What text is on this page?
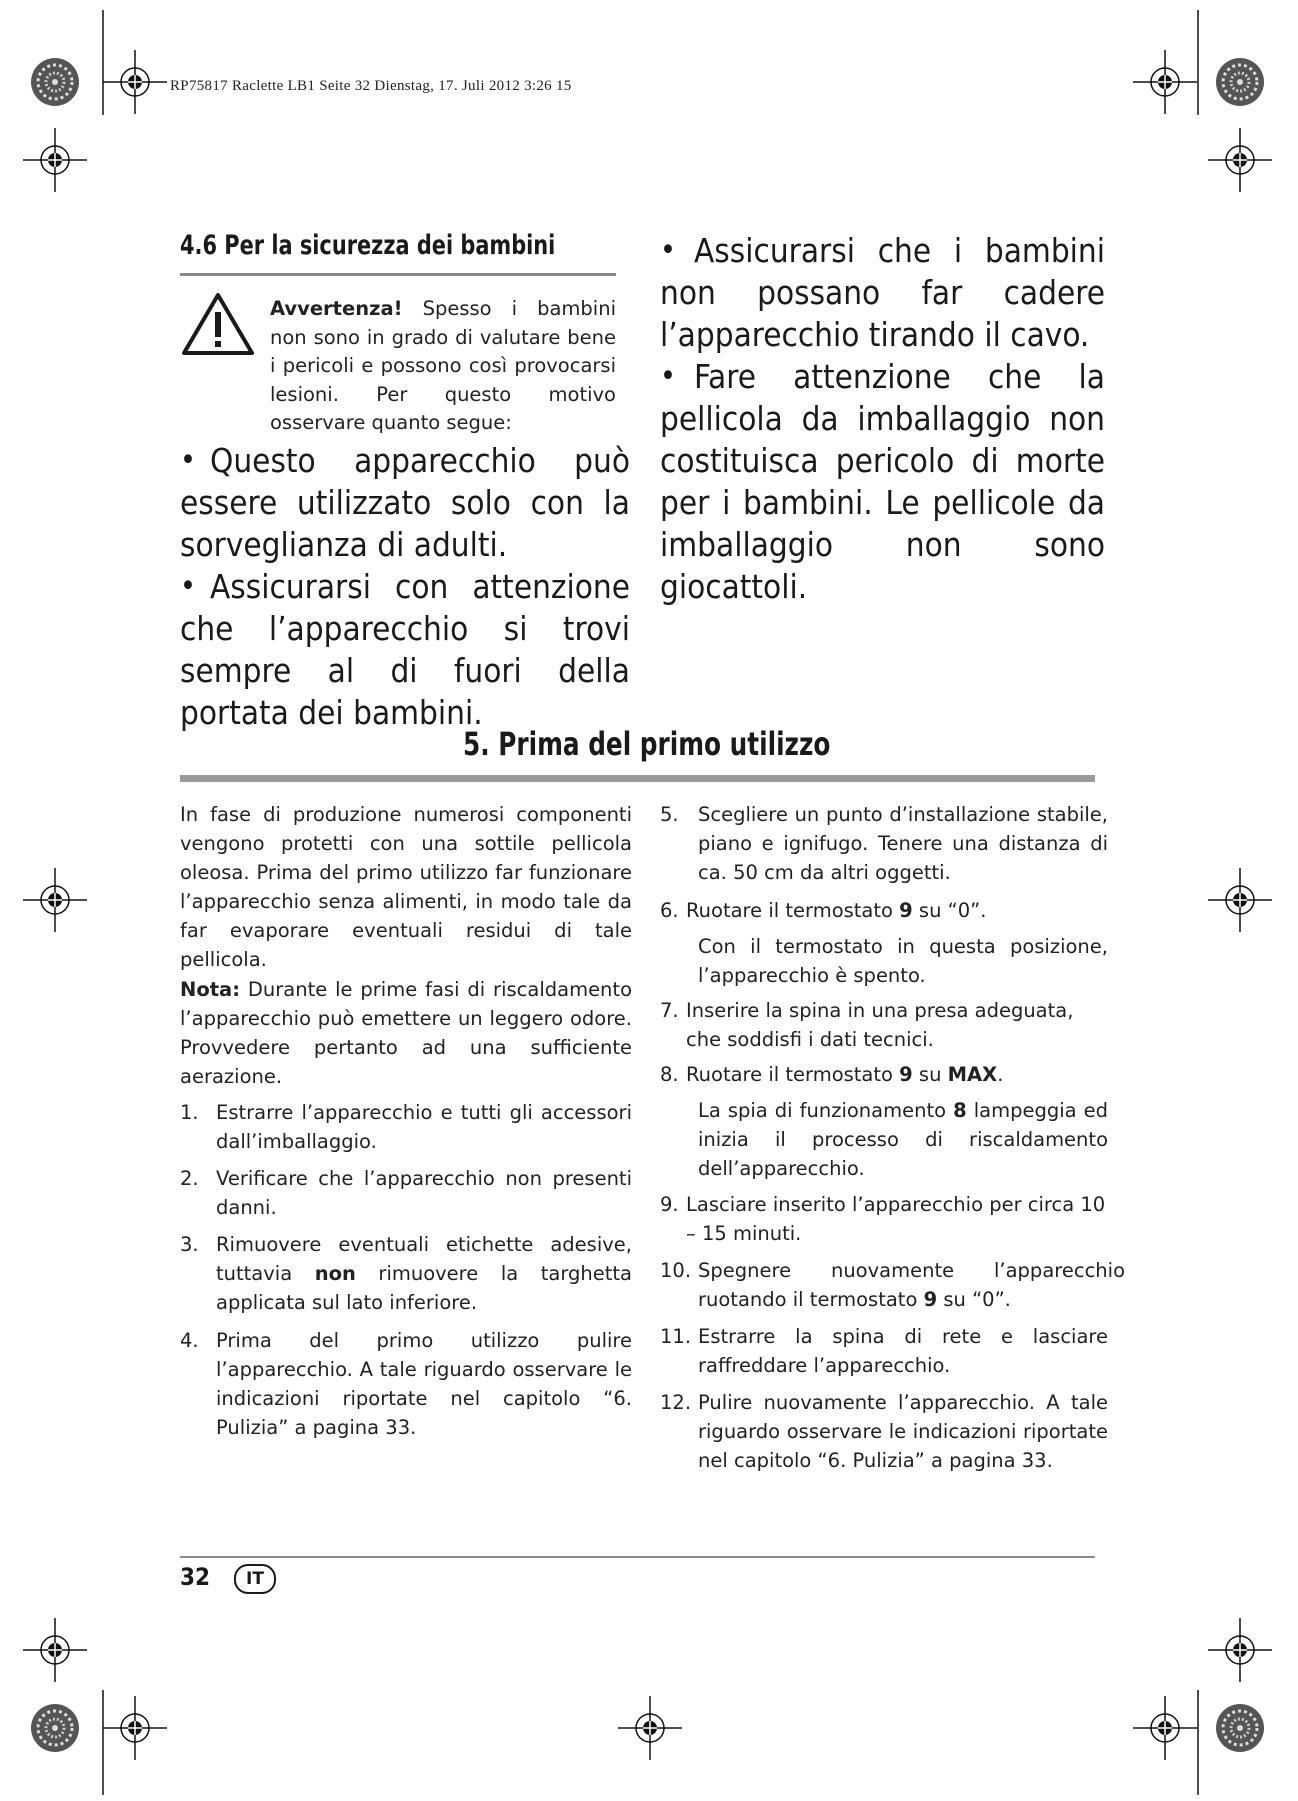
RP75817 Raclette LB1 Seite 32 Dienstag, 17. Juli 2012 3:26 15
4.6 Per la sicurezza dei bambini
Avvertenza! Spesso i bambini non sono in grado di valutare bene i pericoli e possono così provocarsi lesioni. Per questo motivo osservare quanto segue:
• Questo apparecchio può essere utilizzato solo con la sorveglianza di adulti.
• Assicurarsi con attenzione che l’apparecchio si trovi sempre al di fuori della portata dei bambini.
• Assicurarsi che i bambini non possano far cadere l’apparecchio tirando il cavo.
• Fare attenzione che la pellicola da imballaggio non costituisca pericolo di morte per i bambini. Le pellicole da imballaggio non sono giocattoli.
5. Prima del primo utilizzo
In fase di produzione numerosi componenti vengono protetti con una sottile pellicola oleosa. Prima del primo utilizzo far funzionare l’apparecchio senza alimenti, in modo tale da far evaporare eventuali residui di tale pellicola.
Nota: Durante le prime fasi di riscaldamento l’apparecchio può emettere un leggero odore. Provvedere pertanto ad una sufficiente aerazione.
1. Estrarre l’apparecchio e tutti gli accessori dall’imballaggio.
2. Verificare che l’apparecchio non presenti danni.
3. Rimuovere eventuali etichette adesive, tuttavia non rimuovere la targhetta applicata sul lato inferiore.
4. Prima del primo utilizzo pulire l’apparecchio. A tale riguardo osservare le indicazioni riportate nel capitolo “6. Pulizia” a pagina 33.
5. Scegliere un punto d’installazione stabile, piano e ignifugo. Tenere una distanza di ca. 50 cm da altri oggetti.
6. Ruotare il termostato 9 su “0”.
Con il termostato in questa posizione, l’apparecchio è spento.
7. Inserire la spina in una presa adeguata, che soddisfi i dati tecnici.
8. Ruotare il termostato 9 su MAX.
La spia di funzionamento 8 lampeggia ed inizia il processo di riscaldamento dell’apparecchio.
9. Lasciare inserito l’apparecchio per circa 10 – 15 minuti.
10. Spegnere nuovamente l’apparecchio ruotando il termostato 9 su “0”.
11. Estrarre la spina di rete e lasciare raffreddare l’apparecchio.
12. Pulire nuovamente l’apparecchio. A tale riguardo osservare le indicazioni riportate nel capitolo “6. Pulizia” a pagina 33.
32	IT
